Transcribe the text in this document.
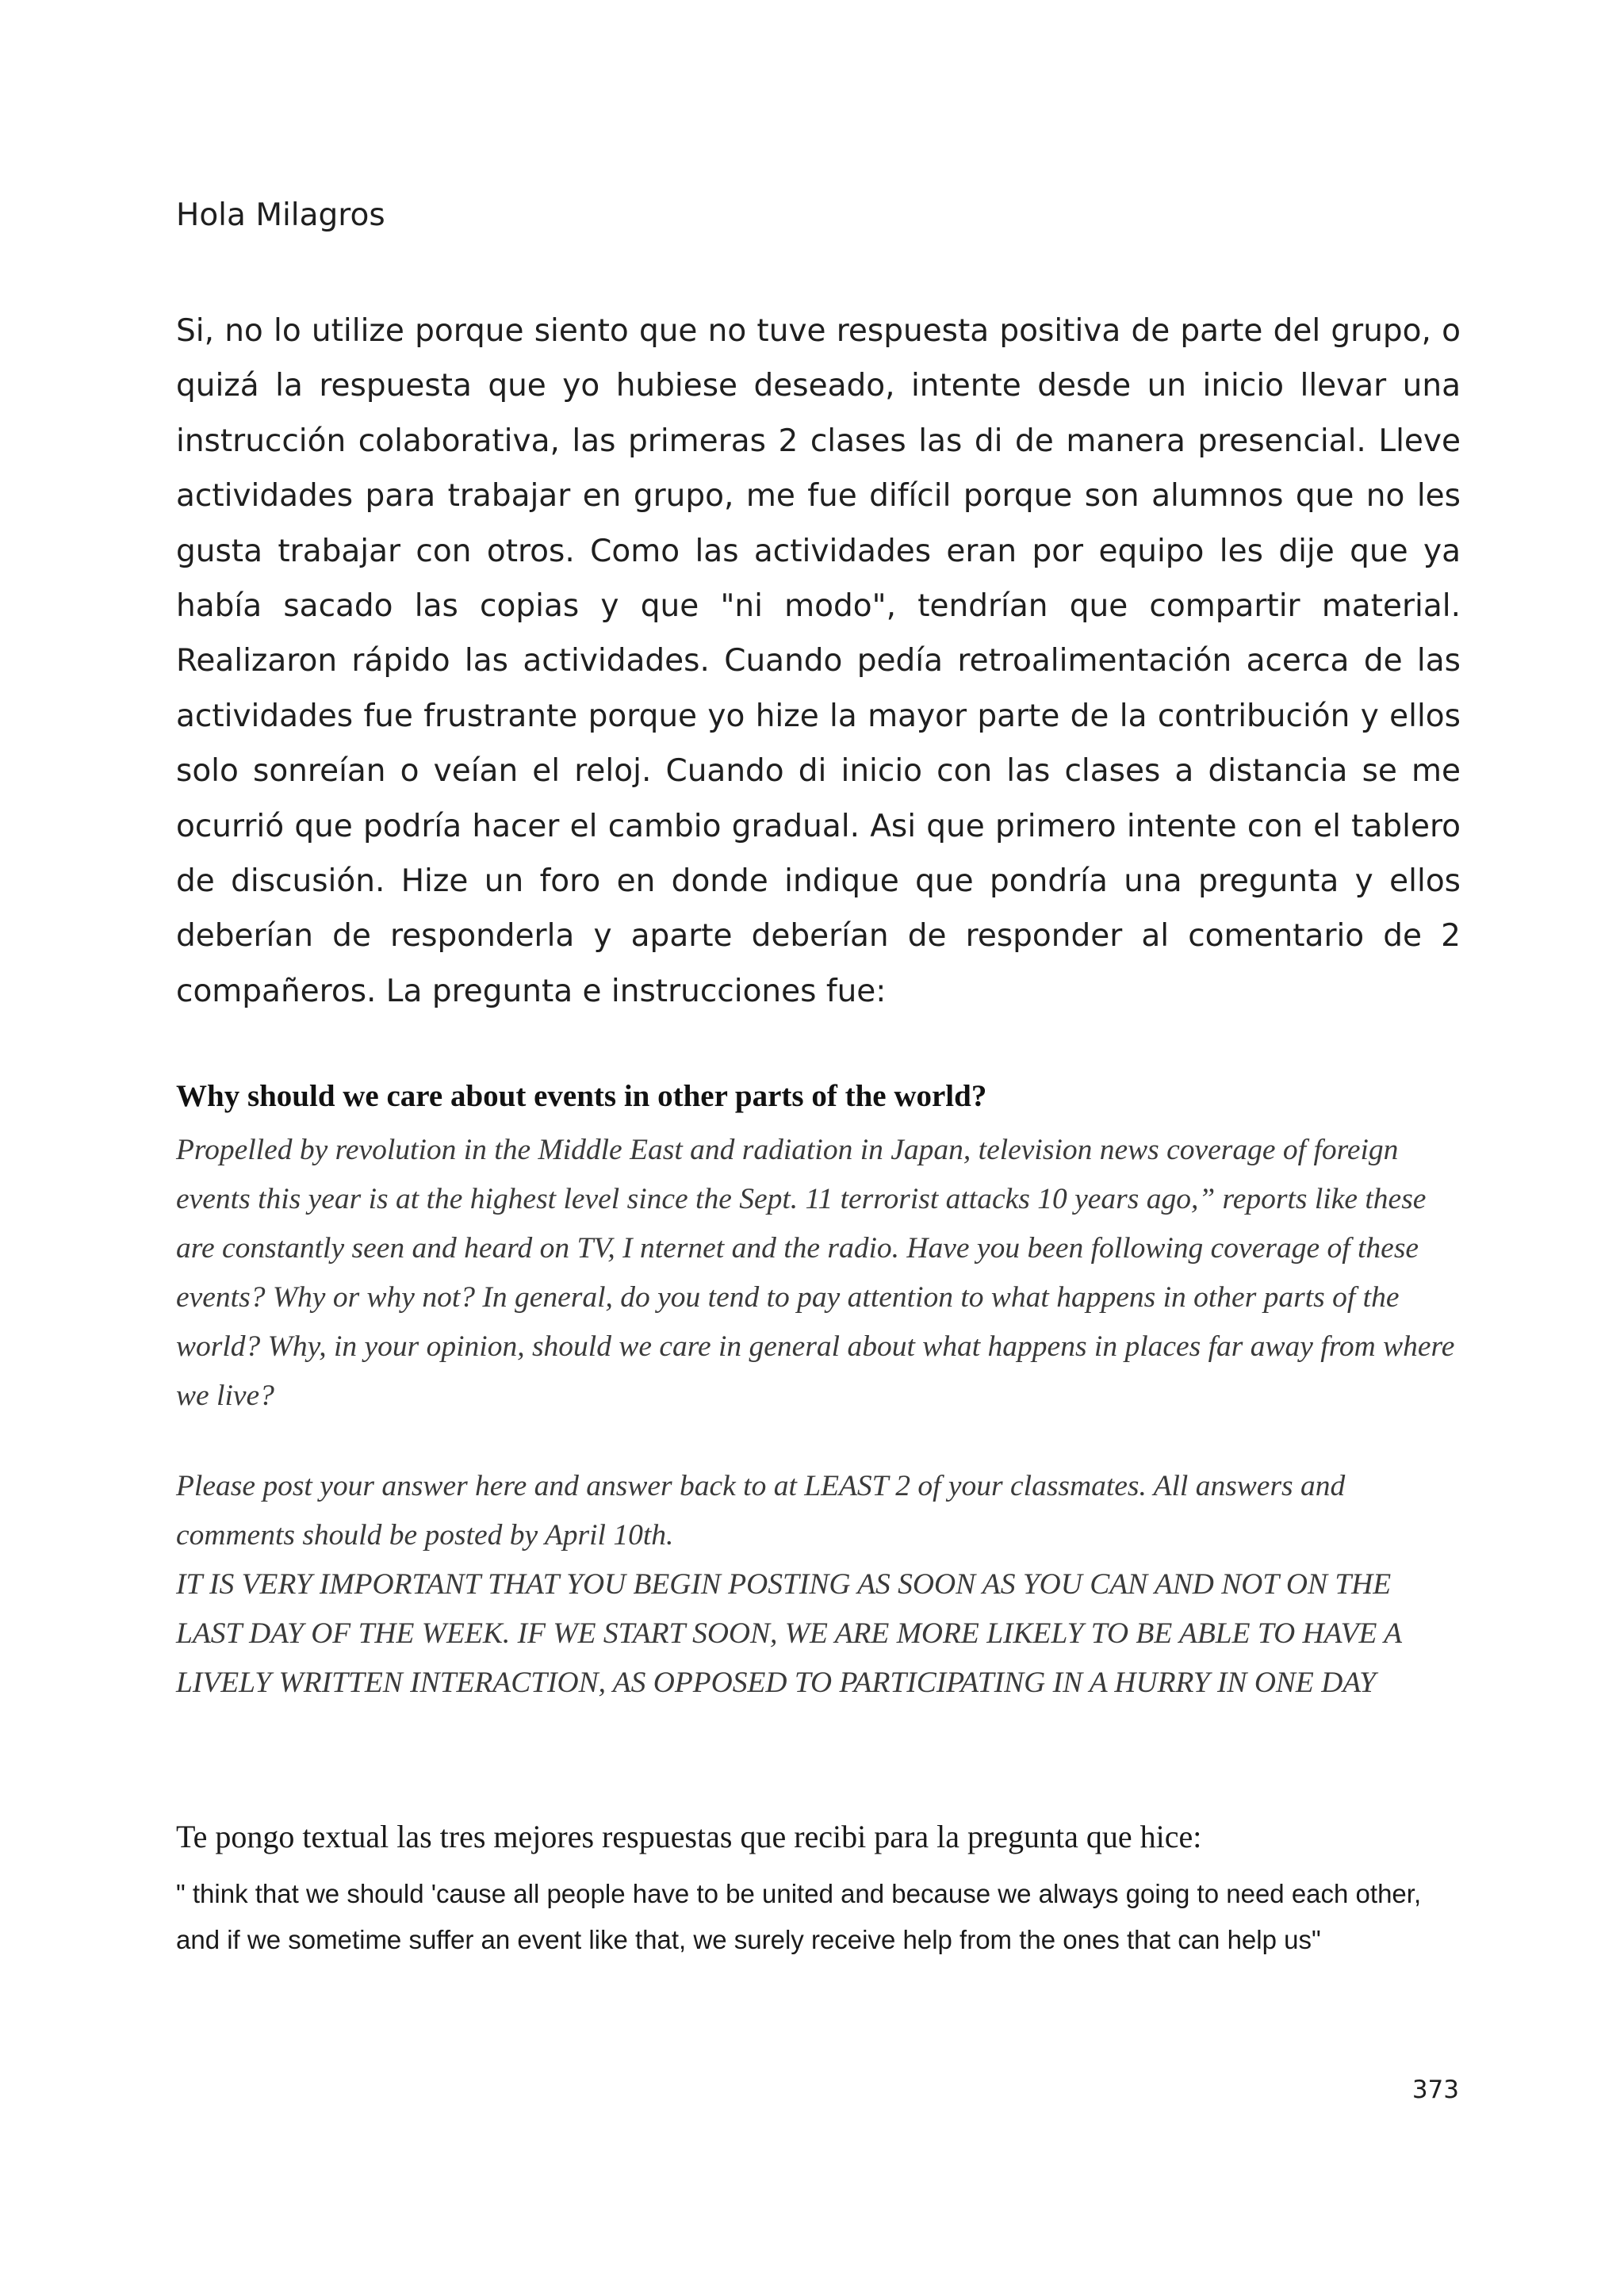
Hola Milagros
Si, no lo utilize porque siento que no tuve respuesta positiva de parte del grupo, o quizá la respuesta que yo hubiese deseado, intente desde un inicio llevar una instrucción colaborativa, las primeras 2 clases las di de manera presencial. Lleve actividades para trabajar en grupo, me fue difícil porque son alumnos que no les gusta trabajar con otros. Como las actividades eran por equipo les dije que ya había sacado las copias y que "ni modo", tendrían que compartir material. Realizaron rápido las actividades. Cuando pedía retroalimentación acerca de las actividades fue frustrante porque yo hize la mayor parte de la contribución y ellos solo sonreían o veían el reloj. Cuando di inicio con las clases a distancia se me ocurrió que podría hacer el cambio gradual. Asi que primero intente con el tablero de discusión. Hize un foro en donde indique que pondría una pregunta y ellos deberían de responderla y aparte deberían de responder al comentario de 2 compañeros. La pregunta e instrucciones fue:
Why should we care about events in other parts of the world?
Propelled by revolution in the Middle East and radiation in Japan, television news coverage of foreign events this year is at the highest level since the Sept. 11 terrorist attacks 10 years ago,” reports like these are constantly seen and heard on TV, I nternet and the radio. Have you been following coverage of these events? Why or why not? In general, do you tend to pay attention to what happens in other parts of the world? Why, in your opinion, should we care in general about what happens in places far away from where we live?
Please post your answer here and answer back to at LEAST 2 of your classmates. All answers and comments should be posted by April 10th.
IT IS VERY IMPORTANT THAT YOU BEGIN POSTING AS SOON AS YOU CAN AND NOT ON THE LAST DAY OF THE WEEK. IF WE START SOON, WE ARE MORE LIKELY TO BE ABLE TO HAVE A LIVELY WRITTEN INTERACTION, AS OPPOSED TO PARTICIPATING IN A HURRY IN ONE DAY
Te pongo textual las tres mejores respuestas que recibi para la pregunta que hice:
" think that we should 'cause all people have to be united and because we always going to need each other, and if we sometime suffer an event like that, we surely receive help from the ones that can help us"
373
